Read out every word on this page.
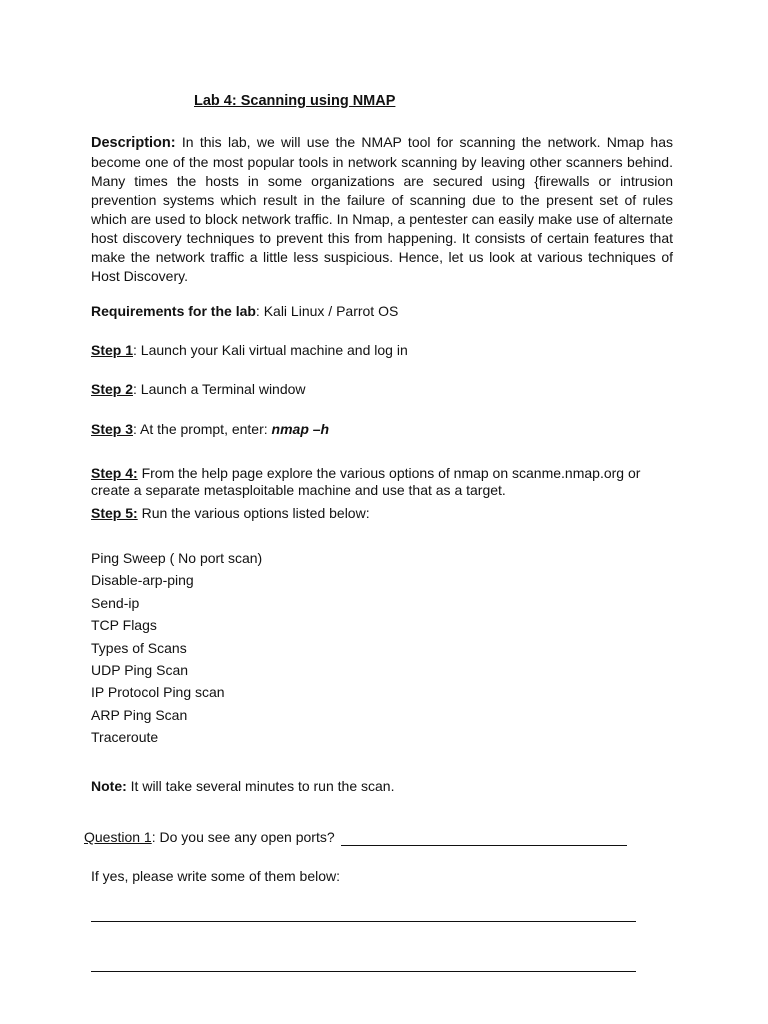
Lab 4: Scanning using NMAP
Description: In this lab, we will use the NMAP tool for scanning the network. Nmap has become one of the most popular tools in network scanning by leaving other scanners behind. Many times the hosts in some organizations are secured using {firewalls or intrusion prevention systems which result in the failure of scanning due to the present set of rules which are used to block network traffic. In Nmap, a pentester can easily make use of alternate host discovery techniques to prevent this from happening. It consists of certain features that make the network traffic a little less suspicious. Hence, let us look at various techniques of Host Discovery.
Requirements for the lab: Kali Linux / Parrot OS
Step 1: Launch your Kali virtual machine and log in
Step 2: Launch a Terminal window
Step 3: At the prompt, enter: nmap –h
Step 4: From the help page explore the various options of nmap on scanme.nmap.org or create a separate metasploitable machine and use that as a target.
Step 5: Run the various options listed below:
Ping Sweep ( No port scan)
Disable-arp-ping
Send-ip
TCP Flags
Types of Scans
UDP Ping Scan
IP Protocol Ping scan
ARP Ping Scan
Traceroute
Note: It will take several minutes to run the scan.
Question 1: Do you see any open ports?
If yes, please write some of them below:
